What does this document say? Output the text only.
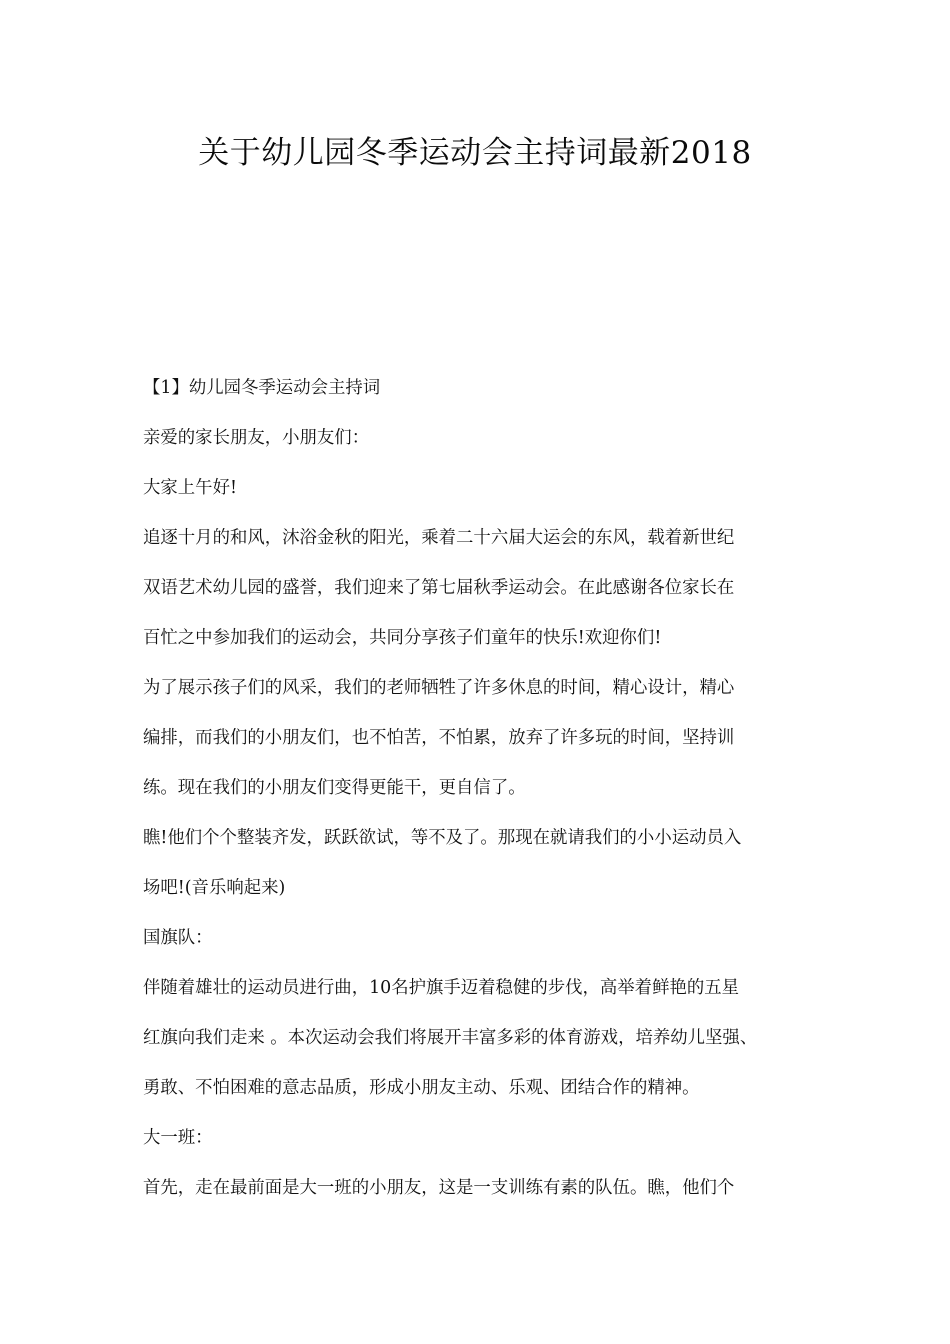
关于幼儿园冬季运动会主持词最新2018
【1】幼儿园冬季运动会主持词
亲爱的家长朋友，小朋友们：
大家上午好!
追逐十月的和风，沐浴金秋的阳光，乘着二十六届大运会的东风，载着新世纪
双语艺术幼儿园的盛誉，我们迎来了第七届秋季运动会。在此感谢各位家长在
百忙之中参加我们的运动会，共同分享孩子们童年的快乐!欢迎你们!
为了展示孩子们的风采，我们的老师牺牲了许多休息的时间，精心设计，精心
编排，而我们的小朋友们，也不怕苦，不怕累，放弃了许多玩的时间，坚持训
练。现在我们的小朋友们变得更能干，更自信了。
瞧!他们个个整装齐发，跃跃欲试，等不及了。那现在就请我们的小小运动员入
场吧!(音乐响起来)
国旗队：
伴随着雄壮的运动员进行曲，10名护旗手迈着稳健的步伐，高举着鲜艳的五星
红旗向我们走来 。本次运动会我们将展开丰富多彩的体育游戏，培养幼儿坚强、
勇敢、不怕困难的意志品质，形成小朋友主动、乐观、团结合作的精神。
大一班：
首先，走在最前面是大一班的小朋友，这是一支训练有素的队伍。瞧，他们个
